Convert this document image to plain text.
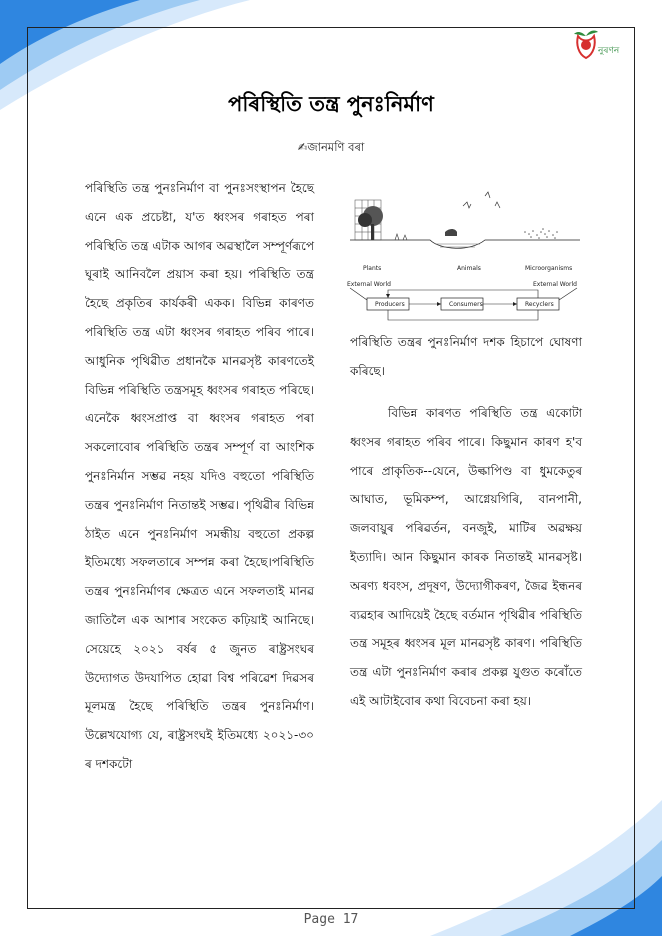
নুৰণন
পৰিস্থিতি তন্ত্ৰ পুনঃনিৰ্মাণ
✍জানমণি বৰা

পৰিস্থিতি তন্ত্ৰ পুনঃনিৰ্মাণ বা পুনঃসংস্থাপন হৈছে এনে এক প্ৰচেষ্টা, য'ত ধ্বংসৰ গৰাহত পৰা পৰিস্থিতি তন্ত্ৰ এটাক আগৰ অৱস্থালৈ সম্পূৰ্ণৰূপে ঘূৰাই আনিবলৈ প্ৰয়াস কৰা হয়। পৰিস্থিতি তন্ত্ৰ হৈছে প্ৰকৃতিৰ কাৰ্যকৰী একক। বিভিন্ন কাৰণত পৰিস্থিতি তন্ত্ৰ এটা ধ্বংসৰ গৰাহত পৰিব পাৰে। আধুনিক পৃথিৱীত প্ৰধানকৈ মানৱসৃষ্ট কাৰণতেই বিভিন্ন পৰিস্থিতি তন্ত্ৰসমূহ ধ্বংসৰ গৰাহত পৰিছে। এনেকৈ ধ্বংসপ্ৰাপ্ত বা ধ্বংসৰ গৰাহত পৰা সকলোবোৰ পৰিস্থিতি তন্ত্ৰৰ সম্পূৰ্ণ বা আংশিক পুনঃনিৰ্মান সম্ভৱ নহয় যদিও বহুতো পৰিস্থিতি তন্ত্ৰৰ পুনঃনিৰ্মাণ নিতান্তই সম্ভৱ। পৃথিৱীৰ বিভিন্ন ঠাইত এনে পুনঃনিৰ্মাণ সমন্ধীয় বহুতো প্ৰকল্প ইতিমধ্যে সফলতাৰে সম্পন্ন কৰা হৈছে।পৰিস্থিতি তন্ত্ৰৰ পুনঃনিৰ্মাণৰ ক্ষেত্ৰত এনে সফলতাই মানৱ জাতিলৈ এক আশাৰ সংকেত কঢ়িয়াই আনিছে। সেয়েহে ২০২১ বৰ্ষৰ ৫ জুনত ৰাষ্ট্ৰসংঘৰ উদ্যোগত উদযাপিত হোৱা বিশ্ব পৰিৱেশ দিৱসৰ মূলমন্ত্ৰ হৈছে পৰিস্থিতি তন্ত্ৰৰ পুনঃনিৰ্মাণ। উল্লেখযোগ্য যে, ৰাষ্ট্ৰসংঘই ইতিমধ্যে ২০২১-৩০ ৰ দশকটো

Plants	Animals	Microorganisms
External World	External World
Producers	Consumers	Recyclers

পৰিস্থিতি তন্ত্ৰৰ পুনঃনিৰ্মাণ দশক হিচাপে ঘোষণা কৰিছে।

বিভিন্ন কাৰণত পৰিস্থিতি তন্ত্ৰ একোটা ধ্বংসৰ গৰাহত পৰিব পাৰে। কিছুমান কাৰণ হ'ব পাৰে প্ৰাকৃতিক--যেনে, উল্কাপিণ্ড বা ধুমকেতুৰ আঘাত, ভূমিকম্প, আগ্নেয়গিৰি, বানপানী, জলবায়ুৰ পৰিৱৰ্তন, বনজুই, মাটিৰ অৱক্ষয় ইত্যাদি। আন কিছুমান কাৰক নিতান্তই মানৱসৃষ্ট। অৰণ্য ধবংস, প্ৰদূষণ, উদ্যোগীকৰণ, জৈৱ ইন্ধনৰ ব্যৱহাৰ আদিয়েই হৈছে বৰ্তমান পৃথিৱীৰ পৰিস্থিতি তন্ত্ৰ সমূহৰ ধ্বংসৰ মূল মানৱসৃষ্ট কাৰণ। পৰিস্থিতি তন্ত্ৰ এটা পুনঃনিৰ্মাণ কৰাৰ প্ৰকল্প যুগুত কৰোঁতে এই আটাইবোৰ কথা বিবেচনা কৰা হয়।

Page 17
